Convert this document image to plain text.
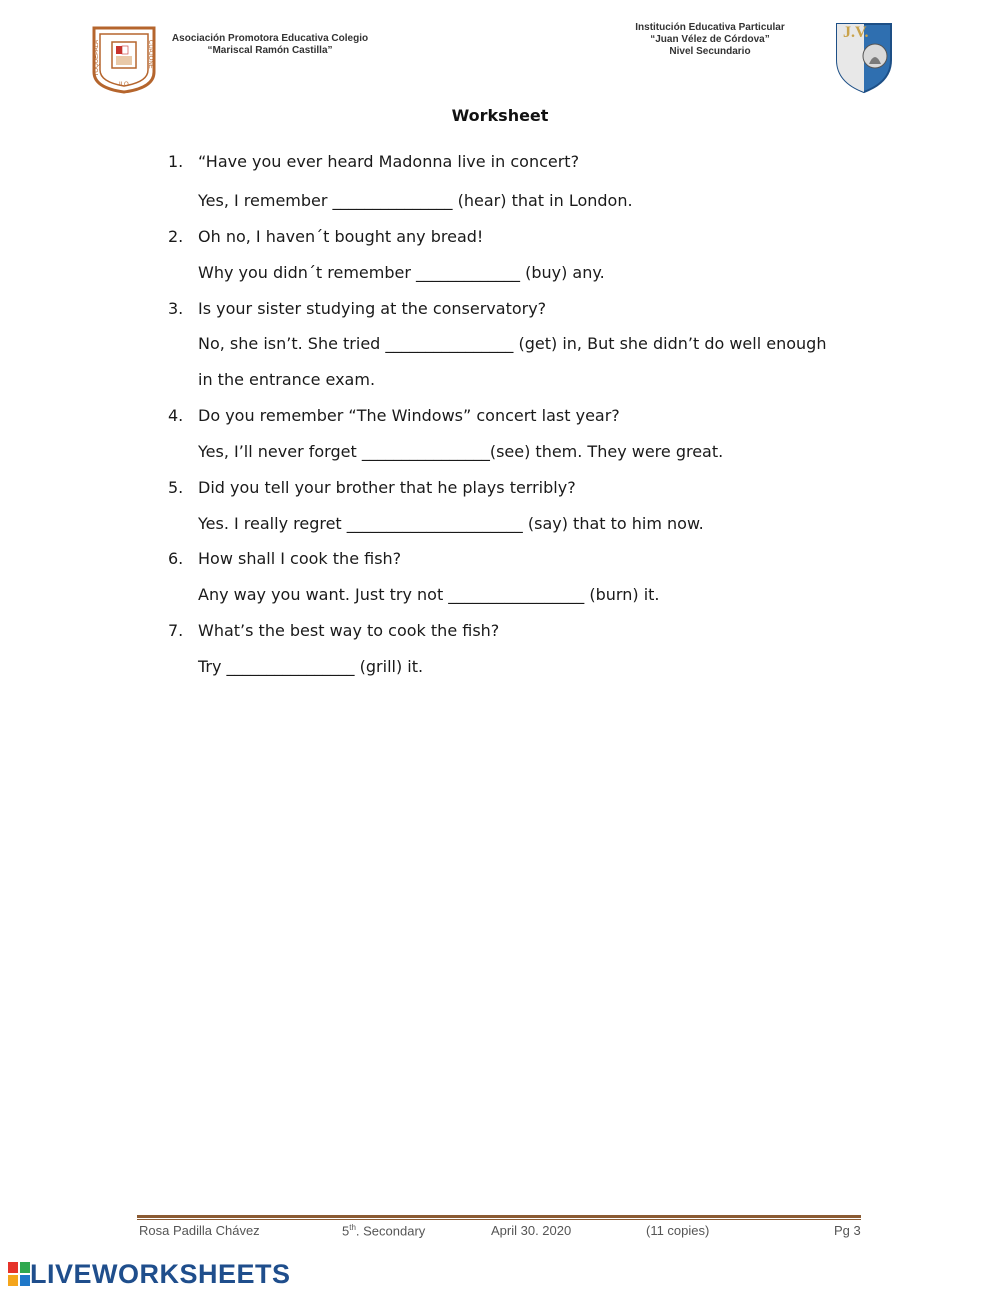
TOQUEPALA
ILO
CUAJONE
Asociación Promotora Educativa Colegio
“Mariscal Ramón Castilla”
Institución Educativa Particular
“Juan Vélez de Córdova”
Nivel Secundario
J.V.
Worksheet
1. “Have you ever heard Madonna live in concert?
Yes, I remember _______________ (hear) that in London.
2. Oh no, I haven´t bought any bread!
Why you didn´t remember _____________ (buy) any.
3. Is your sister studying at the conservatory?
No, she isn’t. She tried ________________ (get) in, But she didn’t do well enough
in the entrance exam.
4. Do you remember “The Windows” concert last year?
Yes, I’ll never forget ________________(see) them. They were great.
5. Did you tell your brother that he plays terribly?
Yes. I really regret ______________________ (say) that to him now.
6. How shall I cook the fish?
Any way you want. Just try not _________________ (burn) it.
7. What’s the best way to cook the fish?
Try ________________ (grill) it.
Rosa Padilla Chávez	5th. Secondary	April 30. 2020	(11 copies)	Pg 3
LIVEWORKSHEETS
